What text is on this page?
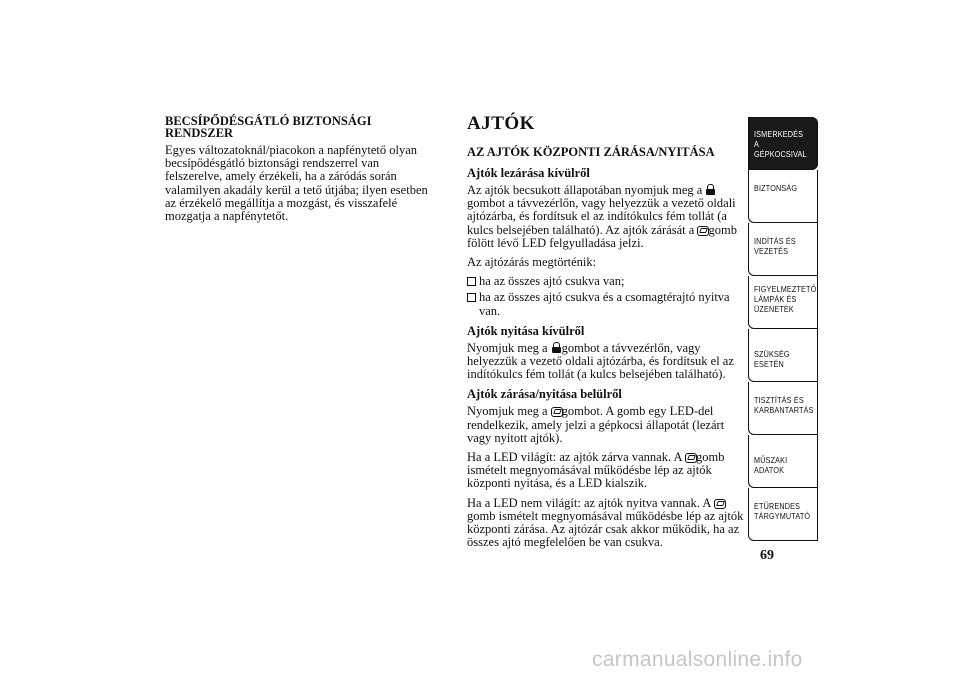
BECSÍPŐDÉSGÁTLÓ BIZTONSÁGI RENDSZER

Egyes változatoknál/piacokon a napfénytető olyan becsípődésgátló biztonsági rendszerrel van felszerelve, amely érzékeli, ha a záródás során valamilyen akadály kerül a tető útjába; ilyen esetben az érzékelő megállítja a mozgást, és visszafelé mozgatja a napfénytetőt.

AJTÓK
AZ AJTÓK KÖZPONTI ZÁRÁSA/NYITÁSA
Ajtók lezárása kívülről

Az ajtók becsukott állapotában nyomjuk meg a gombot a távvezérlőn, vagy helyezzük a vezető oldali ajtózárba, és fordítsuk el az indítókulcs fém tollát (a kulcs belsejében található). Az ajtók zárását a gomb fölött lévő LED felgyulladása jelzi.

Az ajtózárás megtörténik:

ha az összes ajtó csukva van;
ha az összes ajtó csukva és a csomagtérajtó nyitva van.
Ajtók nyitása kívülről

Nyomjuk meg a gombot a távvezérlőn, vagy helyezzük a vezető oldali ajtózárba, és fordítsuk el az indítókulcs fém tollát (a kulcs belsejében található).

Ajtók zárása/nyitása belülről

Nyomjuk meg a gombot. A gomb egy LED-del rendelkezik, amely jelzi a gépkocsi állapotát (lezárt vagy nyitott ajtók).

Ha a LED világít: az ajtók zárva vannak. A gomb ismételt megnyomásával működésbe lép az ajtók központi nyitása, és a LED kialszik.

Ha a LED nem világít: az ajtók nyitva vannak. A gomb ismételt megnyomásával működésbe lép az ajtók központi zárása. Az ajtózár csak akkor működik, ha az összes ajtó megfelelően be van csukva.

ISMERKEDÉS A
GÉPKOCSIVAL
BIZTONSÁG
INDÍTÁS ÉS
VEZETÉS
FIGYELMEZTETŐ
LÁMPÁK ÉS
ÜZENETEK
SZÜKSÉG ESETÉN
TISZTÍTÁS ÉS
KARBANTARTÁS
MŰSZAKI ADATOK
ETŰRENDES
TÁRGYMUTATÓ
69
carmanualsonline.info
